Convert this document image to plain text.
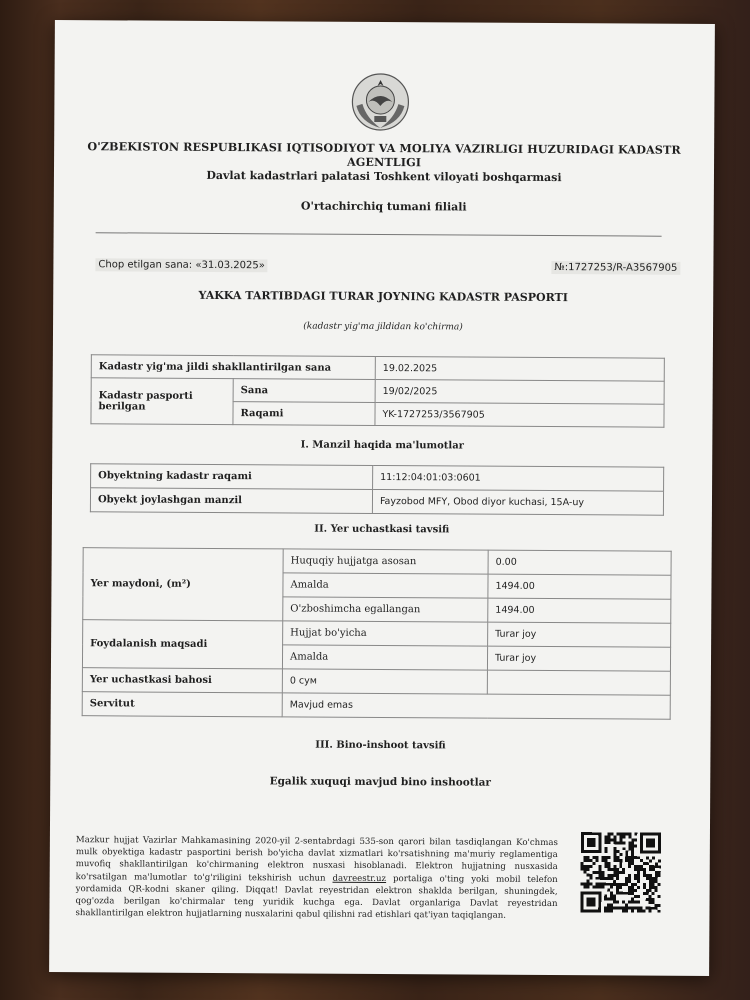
O'ZBEKISTON RESPUBLIKASI IQTISODIYOT VA MOLIYA VAZIRLIGI HUZURIDAGI KADASTR AGENTLIGI
Davlat kadastrlari palatasi Toshkent viloyati boshqarmasi
O'rtachirchiq tumani filiali
Chop etilgan sana: «31.03.2025»	№:1727253/R-A3567905
YAKKA TARTIBDAGI TURAR JOYNING KADASTR PASPORTI
(kadastr yig'ma jildidan ko'chirma)
Kadastr yig'ma jildi shakllantirilgan sana		19.02.2025
Kadastr pasporti berilgan	Sana	19/02/2025
	Raqami	YK-1727253/3567905
I. Manzil haqida ma'lumotlar
Obyektning kadastr raqami	11:12:04:01:03:0601
Obyekt joylashgan manzil	Fayzobod MFY, Obod diyor kuchasi, 15A-uy
II. Yer uchastkasi tavsifi
Yer maydoni, (m²)	Huquqiy hujjatga asosan	0.00
	Amalda	1494.00
	O'zboshimcha egallangan	1494.00
Foydalanish maqsadi	Hujjat bo'yicha	Turar joy
	Amalda	Turar joy
Yer uchastkasi bahosi	0 сум	
Servitut	Mavjud emas	
III. Bino-inshoot tavsifi
Egalik xuquqi mavjud bino inshootlar
Mazkur hujjat Vazirlar Mahkamasining 2020-yil 2-sentabrdagi 535-son qarori bilan tasdiqlangan Ko'chmas mulk obyektiga kadastr pasportini berish bo'yicha davlat xizmatlari ko'rsatishning ma'muriy reglamentiga muvofiq shakllantirilgan ko'chirmaning elektron nusxasi hisoblanadi. Elektron hujjatning nusxasida ko'rsatilgan ma'lumotlar to'g'riligini tekshirish uchun davreestr.uz portaliga o'ting yoki mobil telefon yordamida QR-kodni skaner qiling. Diqqat! Davlat reyestridan elektron shaklda berilgan, shuningdek, qog'ozda berilgan ko'chirmalar teng yuridik kuchga ega. Davlat organlariga Davlat reyestridan shakllantirilgan elektron hujjatlarning nusxalarini qabul qilishni rad etishlari qat'iyan taqiqlangan.
